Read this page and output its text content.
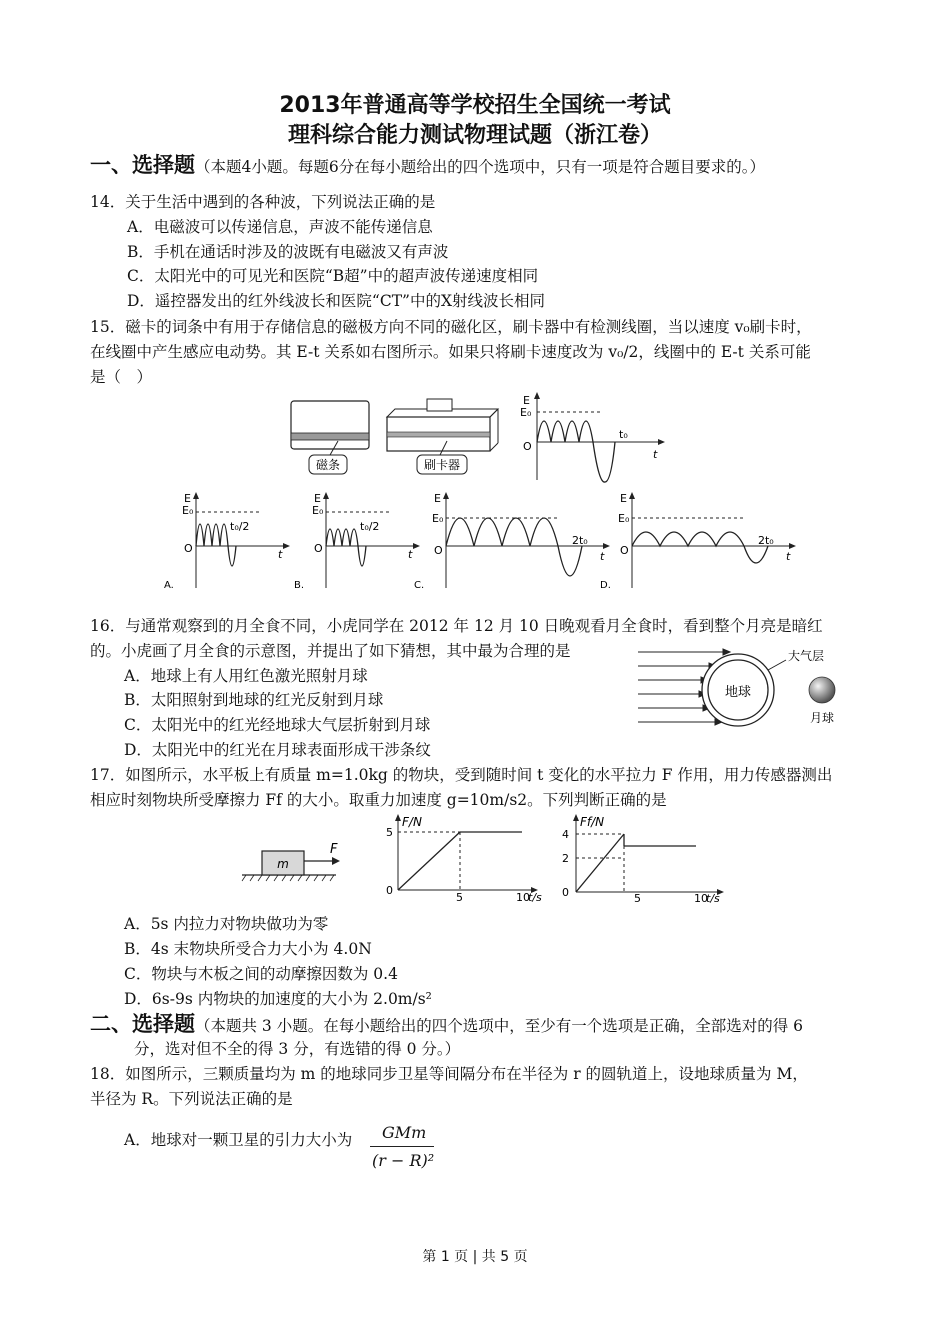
2013年普通高等学校招生全国统一考试
理科综合能力测试物理试题（浙江卷）
一、选择题（本题4小题。每题6分在每小题给出的四个选项中，只有一项是符合题目要求的。）
14．关于生活中遇到的各种波，下列说法正确的是
A．电磁波可以传递信息，声波不能传递信息
B．手机在通话时涉及的波既有电磁波又有声波
C．太阳光中的可见光和医院“B超”中的超声波传递速度相同
D．遥控器发出的红外线波长和医院“CT”中的X射线波长相同
15．磁卡的词条中有用于存储信息的磁极方向不同的磁化区，刷卡器中有检测线圈，当以速度 v₀刷卡时，
在线圈中产生感应电动势。其 E-t 关系如右图所示。如果只将刷卡速度改为 v₀/2，线圈中的 E-t 关系可能
是（　）
磁条	刷卡器
E
E₀
O
t₀
t
E
E₀
O
t₀/2
t
A.
E
E₀
O
t₀/2
t
B.
E
E₀
O
2t₀
t
C.
E
E₀
O
2t₀
t
D.
16．与通常观察到的月全食不同，小虎同学在 2012 年 12 月 10 日晚观看月全食时，看到整个月亮是暗红
的。小虎画了月全食的示意图，并提出了如下猜想，其中最为合理的是
A．地球上有人用红色激光照射月球
B．太阳照射到地球的红光反射到月球
C．太阳光中的红光经地球大气层折射到月球
D．太阳光中的红光在月球表面形成干涉条纹
地球
大气层
月球
17．如图所示，水平板上有质量 m=1.0kg 的物块，受到随时间 t 变化的水平拉力 F 作用，用力传感器测出
相应时刻物块所受摩擦力 Ff 的大小。取重力加速度 g=10m/s2。下列判断正确的是
m
F
F/N
5
0
5	10
t/s
Ff/N
4
2
0	5	10
t/s
A．5s 内拉力对物块做功为零
B．4s 末物块所受合力大小为 4.0N
C．物块与木板之间的动摩擦因数为 0.4
D．6s-9s 内物块的加速度的大小为 2.0m/s²
二、选择题（本题共 3 小题。在每小题给出的四个选项中，至少有一个选项是正确，全部选对的得 6
分，选对但不全的得 3 分，有选错的得 0 分。）
18．如图所示，三颗质量均为 m 的地球同步卫星等间隔分布在半径为 r 的圆轨道上，设地球质量为 M，
半径为 R。下列说法正确的是
A．地球对一颗卫星的引力大小为 GMm
(r − R)²
第 1 页 | 共 5 页
